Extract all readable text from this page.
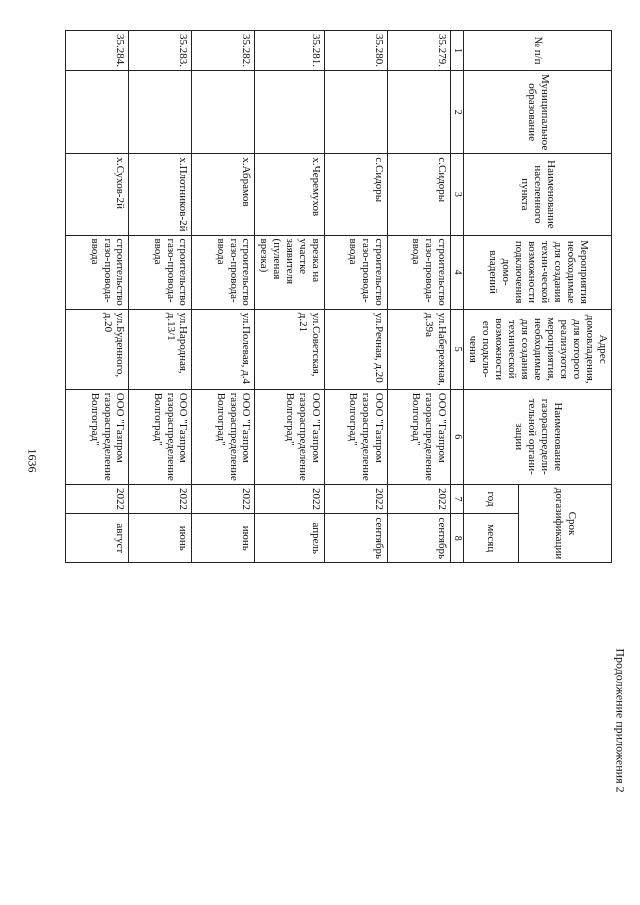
1636
Продолжение приложения 2
№ п/п	Муниципальное образование	Наименование населенного пункта	Мероприятия необходимые для создания техни-ческой возможности подключения домо-владений	Адрес домовладения, для которого реализуются мероприятия, необходимые для создания технической возможности его подклю-чения	Наименование газораспредели-тельной органи-зации	Срок догазификации	
						год	месяц
1	2	3	4	5	6	7	8
35.279.		с.Сидоры	строительство газо-провода-ввода	ул.Набережная, д.39а	ООО "Газпром газораспределение Волгоград"	2022	сентябрь
35.280.		с.Сидоры	строительство газо-провода-ввода	ул.Речная, д.20	ООО "Газпром газораспределение Волгоград"	2022	сентябрь
35.281.		х.Черемухов	врезка на участке заявителя (пуленая врезка)	ул.Советская, д.21	ООО "Газпром газораспределение Волгоград"	2022	апрель
35.282.		х.Абрамов	строительство газо-провода-ввода	ул.Полевая, д.4	ООО "Газпром газораспределение Волгоград"	2022	июнь
35.283.		х.Плотников-2й	строительство газо-провода-ввода	ул.Народная, д.13/1	ООО "Газпром газораспределение Волгоград"	2022	июнь
35.284.		х.Сухов-2й	строительство газо-провода-ввода	ул.Буденного, д.20	ООО "Газпром газораспределение Волгоград"	2022	август
